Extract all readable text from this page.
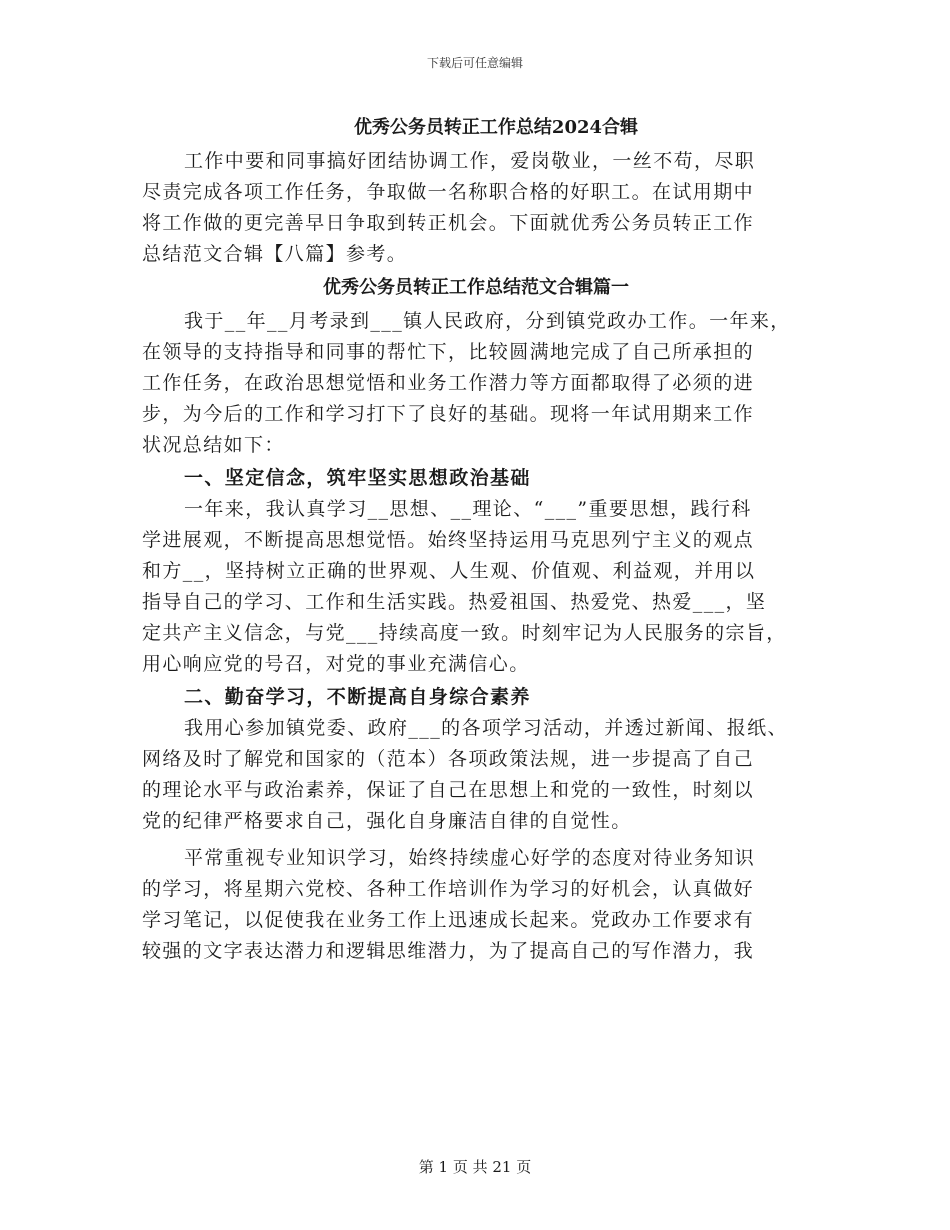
下载后可任意编辑
优秀公务员转正工作总结2024合辑
工作中要和同事搞好团结协调工作，爱岗敬业，一丝不苟，尽职
尽责完成各项工作任务，争取做一名称职合格的好职工。在试用期中
将工作做的更完善早日争取到转正机会。下面就优秀公务员转正工作
总结范文合辑【八篇】参考。
优秀公务员转正工作总结范文合辑篇一
我于__年__月考录到___镇人民政府，分到镇党政办工作。一年来，
在领导的支持指导和同事的帮忙下，比较圆满地完成了自己所承担的
工作任务，在政治思想觉悟和业务工作潜力等方面都取得了必须的进
步，为今后的工作和学习打下了良好的基础。现将一年试用期来工作
状况总结如下：
一、坚定信念，筑牢坚实思想政治基础
一年来，我认真学习__思想、__理论、“___”重要思想，践行科
学进展观，不断提高思想觉悟。始终坚持运用马克思列宁主义的观点
和方__，坚持树立正确的世界观、人生观、价值观、利益观，并用以
指导自己的学习、工作和生活实践。热爱祖国、热爱党、热爱___，坚
定共产主义信念，与党___持续高度一致。时刻牢记为人民服务的宗旨，
用心响应党的号召，对党的事业充满信心。
二、勤奋学习，不断提高自身综合素养
我用心参加镇党委、政府___的各项学习活动，并透过新闻、报纸、
网络及时了解党和国家的（范本）各项政策法规，进一步提高了自己
的理论水平与政治素养，保证了自己在思想上和党的一致性，时刻以
党的纪律严格要求自己，强化自身廉洁自律的自觉性。
平常重视专业知识学习，始终持续虚心好学的态度对待业务知识
的学习，将星期六党校、各种工作培训作为学习的好机会，认真做好
学习笔记，以促使我在业务工作上迅速成长起来。党政办工作要求有
较强的文字表达潜力和逻辑思维潜力，为了提高自己的写作潜力，我
第 1 页 共 21 页
